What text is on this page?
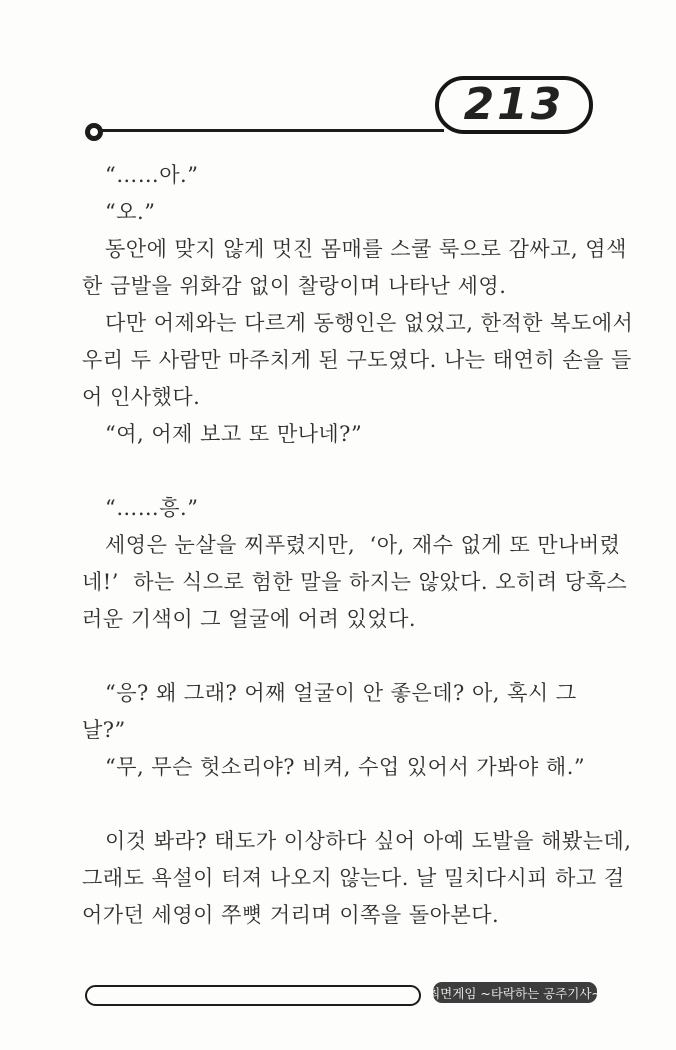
213
“……아.”
“오.”
동안에 맞지 않게 멋진 몸매를 스쿨 룩으로 감싸고, 염색
한 금발을 위화감 없이 찰랑이며 나타난 세영.
다만 어제와는 다르게 동행인은 없었고, 한적한 복도에서
우리 두 사람만 마주치게 된 구도였다. 나는 태연히 손을 들
어 인사했다.
“여, 어제 보고 또 만나네?”

“……흥.”
세영은 눈살을 찌푸렸지만,  ‘아, 재수 없게 또 만나버렸
네!’  하는 식으로 험한 말을 하지는 않았다. 오히려 당혹스
러운 기색이 그 얼굴에 어려 있었다.

“응? 왜 그래? 어째 얼굴이 안 좋은데? 아, 혹시 그
날?”
“무, 무슨 헛소리야? 비켜, 수업 있어서 가봐야 해.”

이것 봐라? 태도가 이상하다 싶어 아예 도발을 해봤는데,
그래도 욕설이 터져 나오지 않는다. 날 밀치다시피 하고 걸
어가던 세영이 쭈뼛 거리며 이쪽을 돌아본다.
최면게임 ~타락하는 공주기사~
